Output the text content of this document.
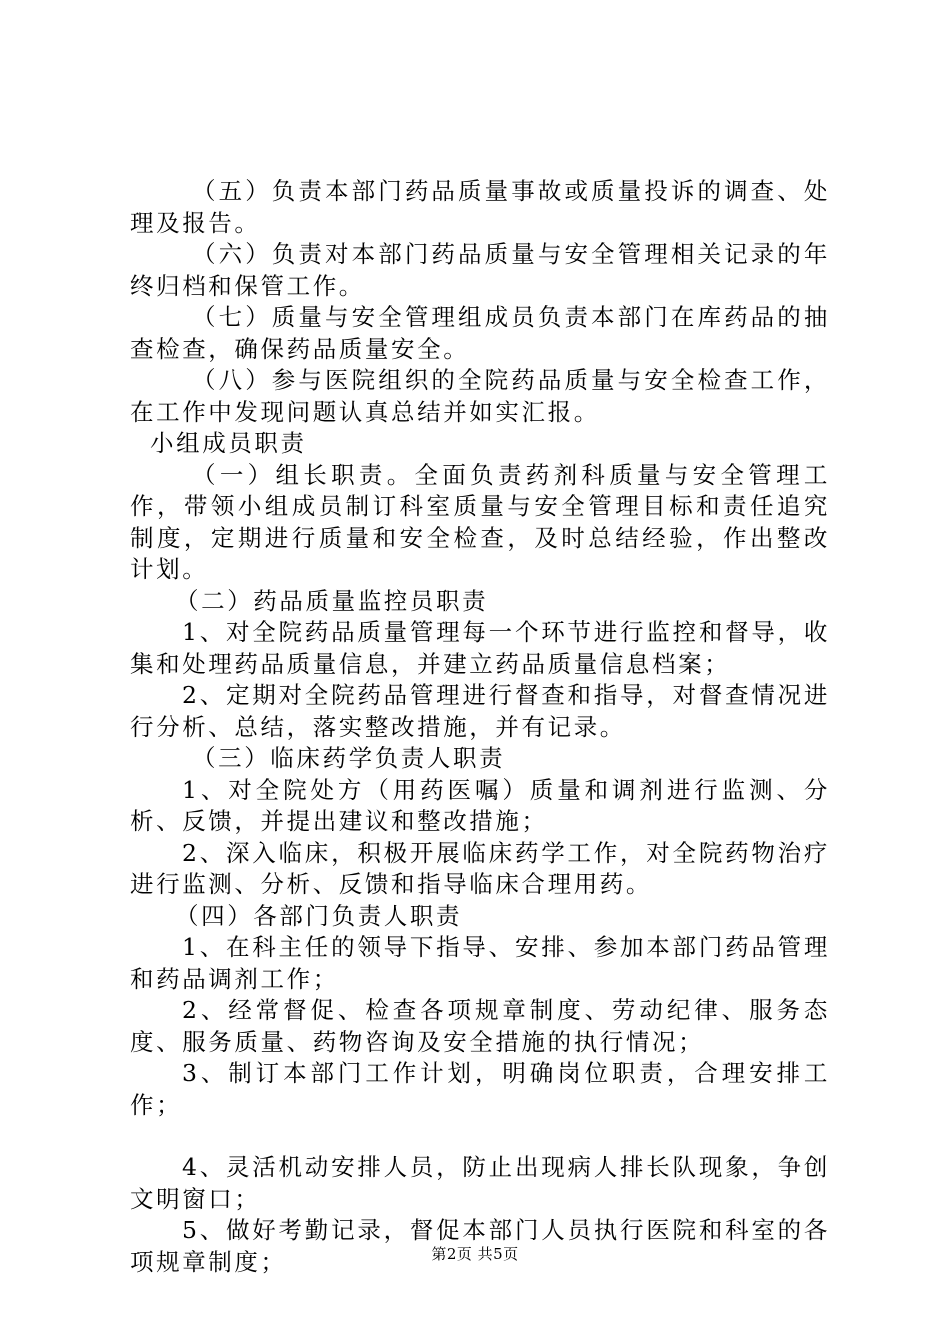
（五）负责本部门药品质量事故或质量投诉的调查、处理及报告。

（六）负责对本部门药品质量与安全管理相关记录的年终归档和保管工作。

（七）质量与安全管理组成员负责本部门在库药品的抽查检查，确保药品质量安全。

（八）参与医院组织的全院药品质量与安全检查工作，在工作中发现问题认真总结并如实汇报。

小组成员职责

（一）组长职责。全面负责药剂科质量与安全管理工作，带领小组成员制订科室质量与安全管理目标和责任追究制度，定期进行质量和安全检查，及时总结经验，作出整改计划。

（二）药品质量监控员职责

1、对全院药品质量管理每一个环节进行监控和督导，收集和处理药品质量信息，并建立药品质量信息档案；

2、定期对全院药品管理进行督查和指导，对督查情况进行分析、总结，落实整改措施，并有记录。

（三）临床药学负责人职责

1、对全院处方（用药医嘱）质量和调剂进行监测、分析、反馈，并提出建议和整改措施；

2、深入临床，积极开展临床药学工作，对全院药物治疗进行监测、分析、反馈和指导临床合理用药。

（四）各部门负责人职责

1、在科主任的领导下指导、安排、参加本部门药品管理和药品调剂工作；

2、经常督促、检查各项规章制度、劳动纪律、服务态度、服务质量、药物咨询及安全措施的执行情况；

3、制订本部门工作计划，明确岗位职责，合理安排工作；

4、灵活机动安排人员，防止出现病人排长队现象，争创文明窗口；

5、做好考勤记录，督促本部门人员执行医院和科室的各项规章制度；	第2页 共5页
